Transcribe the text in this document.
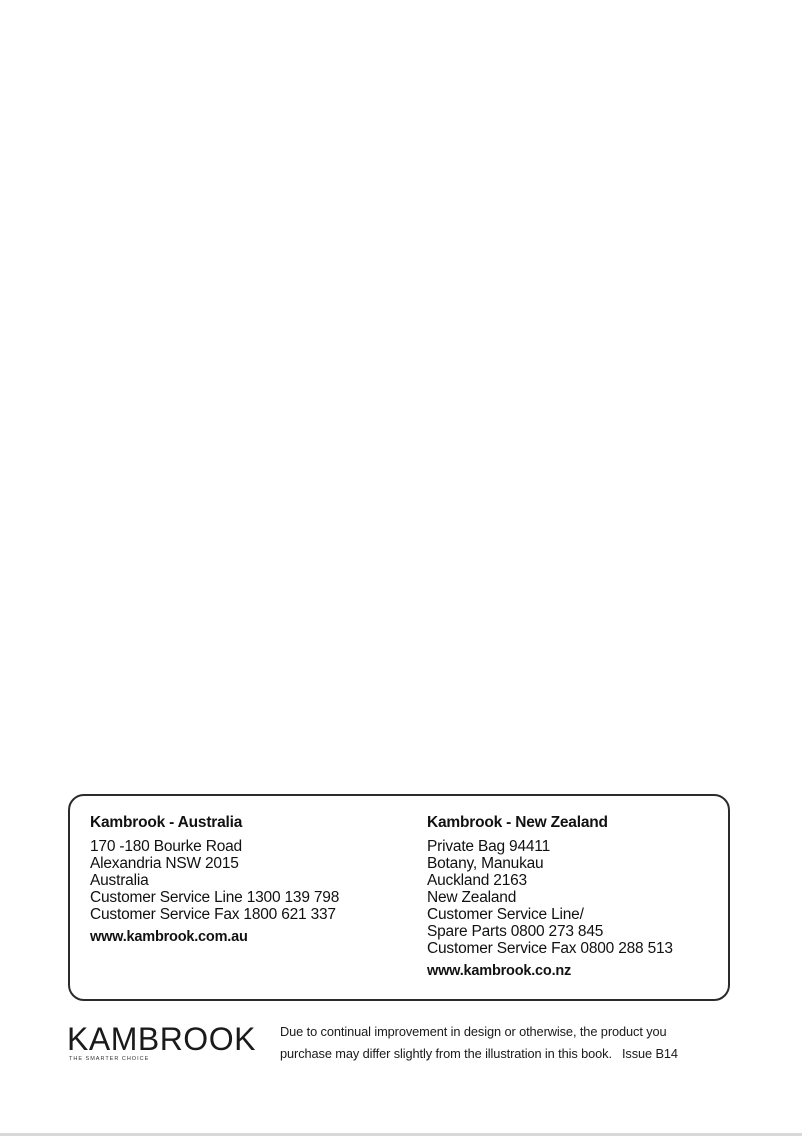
Kambrook - Australia
170 -180 Bourke Road
Alexandria NSW 2015
Australia
Customer Service Line 1300 139 798
Customer Service Fax 1800 621 337
www.kambrook.com.au
Kambrook - New Zealand
Private Bag 94411
Botany, Manukau
Auckland 2163
New Zealand
Customer Service Line/
Spare Parts 0800 273 845
Customer Service Fax 0800 288 513
www.kambrook.co.nz
KAMBROOK
THE SMARTER CHOICE
Due to continual improvement in design or otherwise, the product you
purchase may differ slightly from the illustration in this book. Issue B14
